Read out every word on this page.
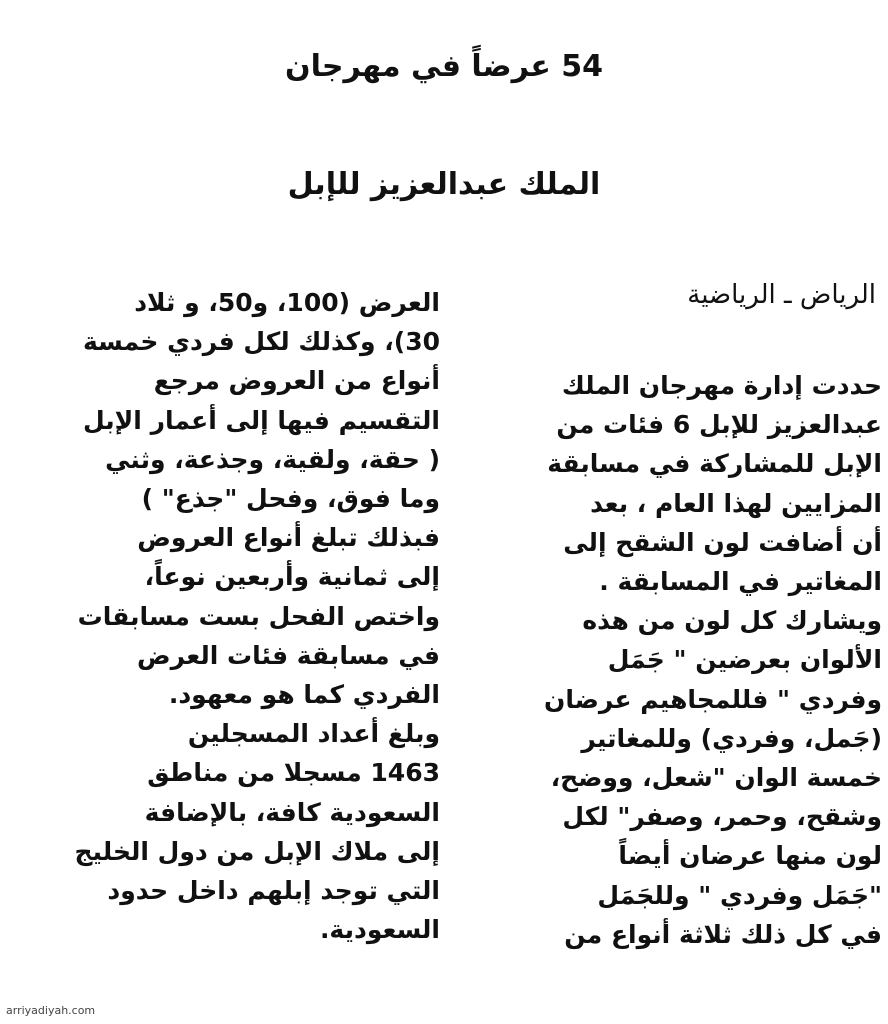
54 عرضاً في مهرجان
الملك عبدالعزيز للإبل
الرياض ـ الرياضية

حددت إدارة مهرجان الملك

عبدالعزيز للإبل 6 فئات من

الإبل للمشاركة في مسابقة

المزايين لهذا العام ، بعد

أن أضافت لون الشقح إلى

المغاتير في المسابقة .

ويشارك كل لون من هذه

الألوان بعرضين " جَمَل

وفردي " فللمجاهيم عرضان

(جَمل، وفردي) وللمغاتير

خمسة الوان "شعل، ووضح،

وشقح، وحمر، وصفر" لكل

لون منها عرضان أيضاً

"جَمَل وفردي " وللجَمَل

في كل ذلك ثلاثة أنواع من

العرض (100، و50، و ثلاد

30)، وكذلك لكل فردي خمسة

أنواع من العروض مرجع

التقسيم فيها إلى أعمار الإبل

( حقة، ولقية، وجذعة، وثني

وما فوق، وفحل "جذع" )

فبذلك تبلغ أنواع العروض

إلى ثمانية وأربعين نوعاً،

واختص الفحل بست مسابقات

في مسابقة فئات العرض

الفردي كما هو معهود.

وبلغ أعداد المسجلين

1463 مسجلا من مناطق

السعودية كافة، بالإضافة

إلى ملاك الإبل من دول الخليج

التي توجد إبلهم داخل حدود

السعودية.

arriyadiyah.com
